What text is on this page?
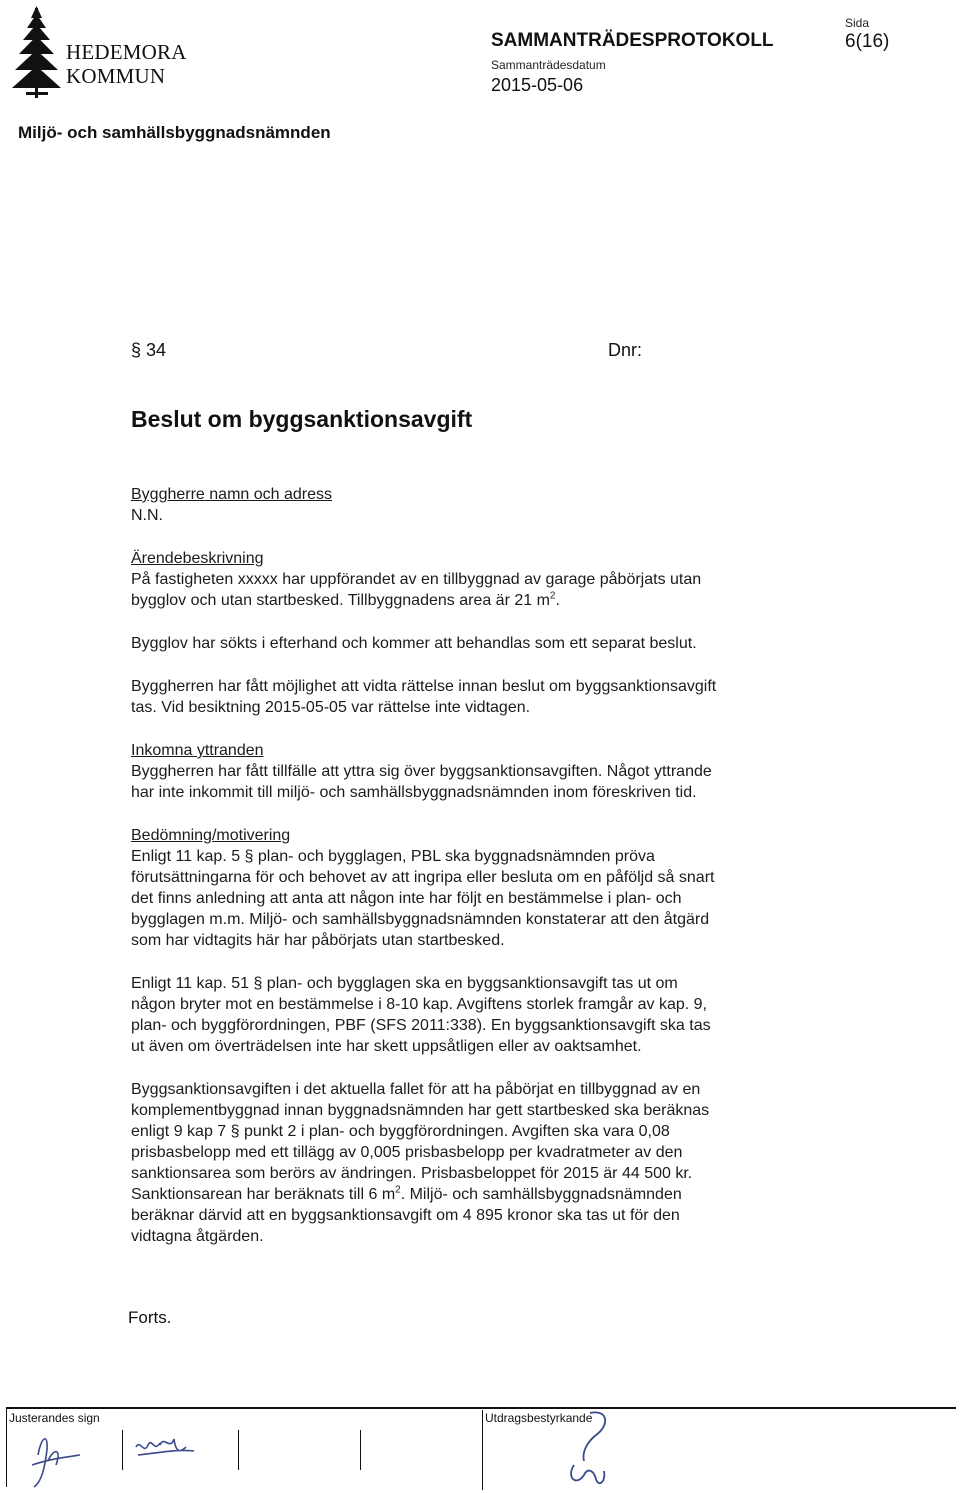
HEDEMORA
KOMMUN
SAMMANTRÄDESPROTOKOLL
Sammanträdesdatum
2015-05-06
Sida
6(16)
Miljö- och samhällsbyggnadsnämnden
§ 34	Dnr:
Beslut om byggsanktionsavgift
Byggherre namn och adress
N.N.
Ärendebeskrivning
På fastigheten xxxxx har uppförandet av en tillbyggnad av garage påbörjats utan
bygglov och utan startbesked. Tillbyggnadens area är 21 $m^2$.
Bygglov har sökts i efterhand och kommer att behandlas som ett separat beslut.
Byggherren har fått möjlighet att vidta rättelse innan beslut om byggsanktionsavgift
tas. Vid besiktning 2015-05-05 var rättelse inte vidtagen.
Inkomna yttranden
Byggherren har fått tillfälle att yttra sig över byggsanktionsavgiften. Något yttrande
har inte inkommit till miljö- och samhällsbyggnadsnämnden inom föreskriven tid.
Bedömning/motivering
Enligt 11 kap. 5 § plan- och bygglagen, PBL ska byggnadsnämnden pröva
förutsättningarna för och behovet av att ingripa eller besluta om en påföljd så snart
det finns anledning att anta att någon inte har följt en bestämmelse i plan- och
bygglagen m.m. Miljö- och samhällsbyggnadsnämnden konstaterar att den åtgärd
som har vidtagits här har påbörjats utan startbesked.
Enligt 11 kap. 51 § plan- och bygglagen ska en byggsanktionsavgift tas ut om
någon bryter mot en bestämmelse i 8-10 kap. Avgiftens storlek framgår av kap. 9,
plan- och byggförordningen, PBF (SFS 2011:338). En byggsanktionsavgift ska tas
ut även om överträdelsen inte har skett uppsåtligen eller av oaktsamhet.
Byggsanktionsavgiften i det aktuella fallet för att ha påbörjat en tillbyggnad av en
komplementbyggnad innan byggnadsnämnden har gett startbesked ska beräknas
enligt 9 kap 7 § punkt 2 i plan- och byggförordningen. Avgiften ska vara 0,08
prisbasbelopp med ett tillägg av 0,005 prisbasbelopp per kvadratmeter av den
sanktionsarea som berörs av ändringen. Prisbasbeloppet för 2015 är 44 500 kr.
Sanktionsarean har beräknats till 6 $m^2$. Miljö- och samhällsbyggnadsnämnden
beräknar därvid att en byggsanktionsavgift om 4 895 kronor ska tas ut för den
vidtagna åtgärden.
Forts.
Justerandes sign	Utdragsbestyrkande
